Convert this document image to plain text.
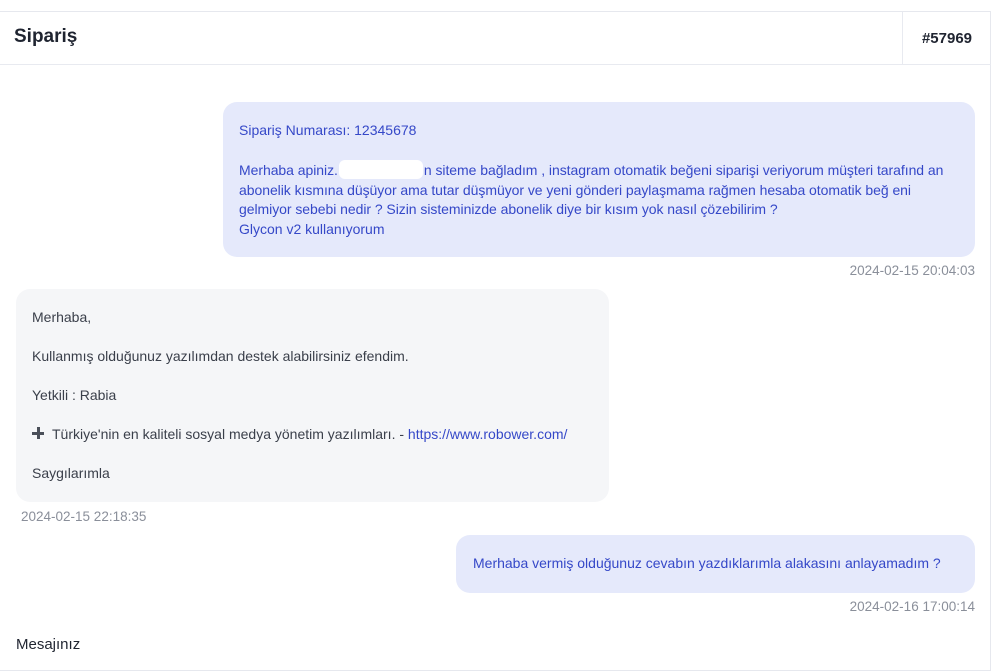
Sipariş	#57969

Sipariş Numarası: 12345678

Merhaba apiniz.	n siteme bağladım , instagram otomatik beğeni siparişi veriyorum müşteri tarafınd an abonelik kısmına düşüyor ama tutar düşmüyor ve yeni gönderi paylaşmama rağmen hesaba otomatik beğ eni gelmiyor sebebi nedir ? Sizin sisteminizde abonelik diye bir kısım yok nasıl çözebilirim ?

Glycon v2 kullanıyorum

2024-02-15 20:04:03

Merhaba,

Kullanmış olduğunuz yazılımdan destek alabilirsiniz efendim.

Yetkili : Rabia

Türkiye'nin en kaliteli sosyal medya yönetim yazılımları. - https://www.robower.com/

Saygılarımla

2024-02-15 22:18:35

Merhaba vermiş olduğunuz cevabın yazdıklarımla alakasını anlayamadım ?

2024-02-16 17:00:14
Mesajınız
